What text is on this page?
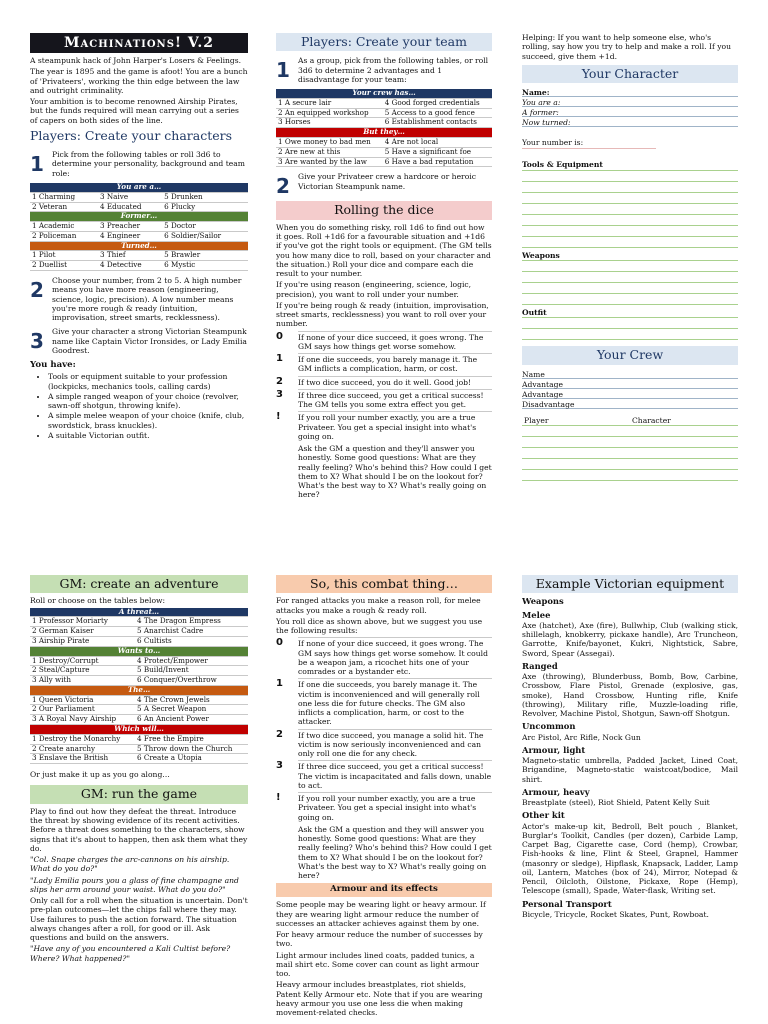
Machinations! V.2

A steampunk hack of John Harper's Losers & Feelings.

The year is 1895 and the game is afoot! You are a bunch of 'Privateers', working the thin edge between the law and outright criminality.

Your ambition is to become renowned Airship Pirates, but the funds required will mean carrying out a series of capers on both sides of the line.

Players: Create your characters
1	Pick from the following tables or roll 3d6 to determine your personality, background and team role:
You are a…		
1 Charming	3 Naive	5 Drunken
2 Veteran	4 Educated	6 Plucky
Former…		
1 Academic	3 Preacher	5 Doctor
2 Policeman	4 Engineer	6 Soldier/Sailor
Turned…		
1 Pilot	3 Thief	5 Brawler
2 Duellist	4 Detective	6 Mystic
2	Choose your number, from 2 to 5. A high number means you have more reason (engineering, science, logic, precision). A low number means you're more rough & ready (intuition, improvisation, street smarts, recklessness).
3	Give your character a strong Victorian Steampunk name like Captain Victor Ironsides, or Lady Emilia Goodrest.
You have:
• Tools or equipment suitable to your profession (lockpicks, mechanics tools, calling cards)
• A simple ranged weapon of your choice (revolver, sawn-off shotgun, throwing knife).
• A simple melee weapon of your choice (knife, club, swordstick, brass knuckles).
• A suitable Victorian outfit.
Players: Create your team
1	As a group, pick from the following tables, or roll 3d6 to determine 2 advantages and 1 disadvantage for your team:
Your crew has…	
1 A secure lair	4 Good forged credentials
2 An equipped workshop	5 Access to a good fence
3 Horses	6 Establishment contacts
But they…	
1 Owe money to bad men	4 Are not local
2 Are new at this	5 Have a significant foe
3 Are wanted by the law	6 Have a bad reputation
2	Give your Privateer crew a hardcore or heroic Victorian Steampunk name.
Rolling the dice

When you do something risky, roll 1d6 to find out how it goes. Roll +1d6 for a favourable situation and +1d6 if you've got the right tools or equipment. (The GM tells you how many dice to roll, based on your character and the situation.) Roll your dice and compare each die result to your number.

If you're using reason (engineering, science, logic, precision), you want to roll under your number.

If you're being rough & ready (intuition, improvisation, street smarts, recklessness) you want to roll over your number.

0	If none of your dice succeed, it goes wrong. The GM says how things get worse somehow.
1	If one die succeeds, you barely manage it. The GM inflicts a complication, harm, or cost.
2	If two dice succeed, you do it well. Good job!
3	If three dice succeed, you get a critical success! The GM tells you some extra effect you get.
!	If you roll your number exactly, you are a true Privateer. You get a special insight into what's going on.
Ask the GM a question and they'll answer you honestly. Some good questions: What are they really feeling? Who's behind this? How could I get them to X? What should I be on the lookout for? What's the best way to X? What's really going on here?

Helping: If you want to help someone else, who's rolling, say how you try to help and make a roll. If you succeed, give them +1d.

Your Character
Name:
You are a:
A former:
Now turned:
Your number is:
Tools & Equipment
Weapons
Outfit
Your Crew
Name
Advantage
Advantage
Disadvantage
Player	Character
GM: create an adventure

Roll or choose on the tables below:

A threat…	
1 Professor Moriarty	4 The Dragon Empress
2 German Kaiser	5 Anarchist Cadre
3 Airship Pirate	6 Cultists
Wants to…	
1 Destroy/Corrupt	4 Protect/Empower
2 Steal/Capture	5 Build/Invent
3 Ally with	6 Conquer/Overthrow
The…	
1 Queen Victoria	4 The Crown Jewels
2 Our Parliament	5 A Secret Weapon
3 A Royal Navy Airship	6 An Ancient Power
Which will…	
1 Destroy the Monarchy	4 Free the Empire
2 Create anarchy	5 Throw down the Church
3 Enslave the British	6 Create a Utopia

Or just make it up as you go along…

GM: run the game

Play to find out how they defeat the threat. Introduce the threat by showing evidence of its recent activities. Before a threat does something to the characters, show signs that it's about to happen, then ask them what they do.

"Col. Snape charges the arc-cannons on his airship. What do you do?"

"Lady Emilia pours you a glass of fine champagne and slips her arm around your waist. What do you do?"

Only call for a roll when the situation is uncertain. Don't pre-plan outcomes—let the chips fall where they may. Use failures to push the action forward. The situation always changes after a roll, for good or ill. Ask questions and build on the answers.

"Have any of you encountered a Kali Cultist before? Where? What happened?"

So, this combat thing…

For ranged attacks you make a reason roll, for melee attacks you make a rough & ready roll.

You roll dice as shown above, but we suggest you use the following results:

0	If none of your dice succeed, it goes wrong. The GM says how things get worse somehow. It could be a weapon jam, a ricochet hits one of your comrades or a bystander etc.
1	If one die succeeds, you barely manage it. The victim is inconvenienced and will generally roll one less die for future checks. The GM also inflicts a complication, harm, or cost to the attacker.
2	If two dice succeed, you manage a solid hit. The victim is now seriously inconvenienced and can only roll one die for any check.
3	If three dice succeed, you get a critical success! The victim is incapacitated and falls down, unable to act.
!	If you roll your number exactly, you are a true Privateer. You get a special insight into what's going on.
Ask the GM a question and they will answer you honestly. Some good questions: What are they really feeling? Who's behind this? How could I get them to X? What should I be on the lookout for? What's the best way to X? What's really going on here?
Armour and its effects

Some people may be wearing light or heavy armour. If they are wearing light armour reduce the number of successes an attacker achieves against them by one.

For heavy armour reduce the number of successes by two.

Light armour includes lined coats, padded tunics, a mail shirt etc. Some cover can count as light armour too.

Heavy armour includes breastplates, riot shields, Patent Kelly Armour etc. Note that if you are wearing heavy armour you use one less die when making movement-related checks.

Example Victorian equipment
Weapons
Melee
Axe (hatchet), Axe (fire), Bullwhip, Club (walking stick, shillelagh, knobkerry, pickaxe handle), Arc Truncheon, Garrotte, Knife/bayonet, Kukri, Nightstick, Sabre, Sword, Spear (Assegai).
Ranged
Axe (throwing), Blunderbuss, Bomb, Bow, Carbine, Crossbow, Flare Pistol, Grenade (explosive, gas, smoke), Hand Crossbow, Hunting rifle, Knife (throwing), Military rifle, Muzzle-loading rifle, Revolver, Machine Pistol, Shotgun, Sawn-off Shotgun.
Uncommon
Arc Pistol, Arc Rifle, Nock Gun
Armour, light
Magneto-static umbrella, Padded Jacket, Lined Coat, Brigandine, Magneto-static waistcoat/bodice, Mail shirt.
Armour, heavy
Breastplate (steel), Riot Shield, Patent Kelly Suit
Other kit
Actor's make-up kit, Bedroll, Belt pouch , Blanket, Burglar's Toolkit, Candles (per dozen), Carbide Lamp, Carpet Bag, Cigarette case, Cord (hemp), Crowbar, Fish-hooks & line, Flint & Steel, Grapnel, Hammer (masonry or sledge), Hipflask, Knapsack, Ladder, Lamp oil, Lantern, Matches (box of 24), Mirror, Notepad & Pencil, Oilcloth, Oilstone, Pickaxe, Rope (Hemp), Telescope (small), Spade, Water-flask, Writing set.
Personal Transport
Bicycle, Tricycle, Rocket Skates, Punt, Rowboat.
